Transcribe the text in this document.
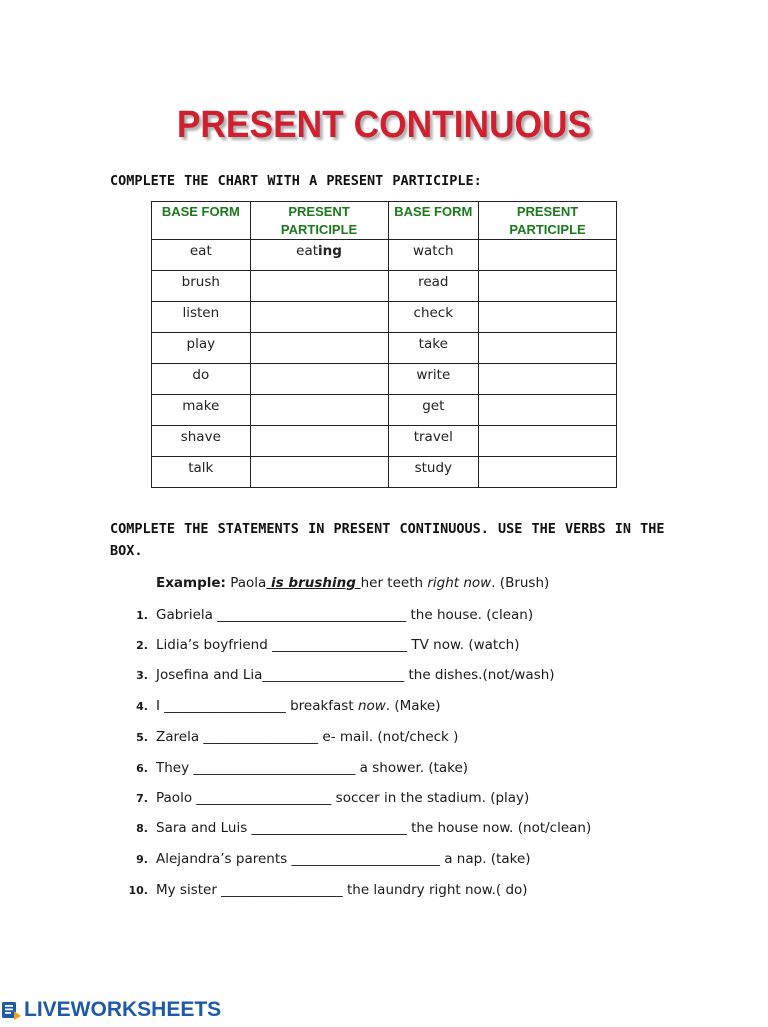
PRESENT CONTINUOUS
COMPLETE THE CHART WITH A PRESENT PARTICIPLE:
BASE FORM	PRESENT PARTICIPLE	BASE FORM	PRESENT PARTICIPLE
eat	eating	watch	
brush		read	
listen		check	
play		take	
do		write	
make		get	
shave		travel	
talk		study	
COMPLETE THE STATEMENTS IN PRESENT CONTINUOUS. USE THE VERBS IN THE BOX.
Example: Paola is brushing her teeth right now. (Brush)
1. Gabriela ____________________________ the house. (clean)
2. Lidia’s boyfriend ____________________ TV now. (watch)
3. Josefina and Lia_____________________ the dishes.(not/wash)
4. I __________________ breakfast now. (Make)
5. Zarela _________________ e- mail. (not/check )
6. They ________________________ a shower. (take)
7. Paolo ____________________ soccer in the stadium. (play)
8. Sara and Luis _______________________ the house now. (not/clean)
9. Alejandra’s parents ______________________ a nap. (take)
10. My sister __________________ the laundry right now.( do)
LIVEWORKSHEETS
